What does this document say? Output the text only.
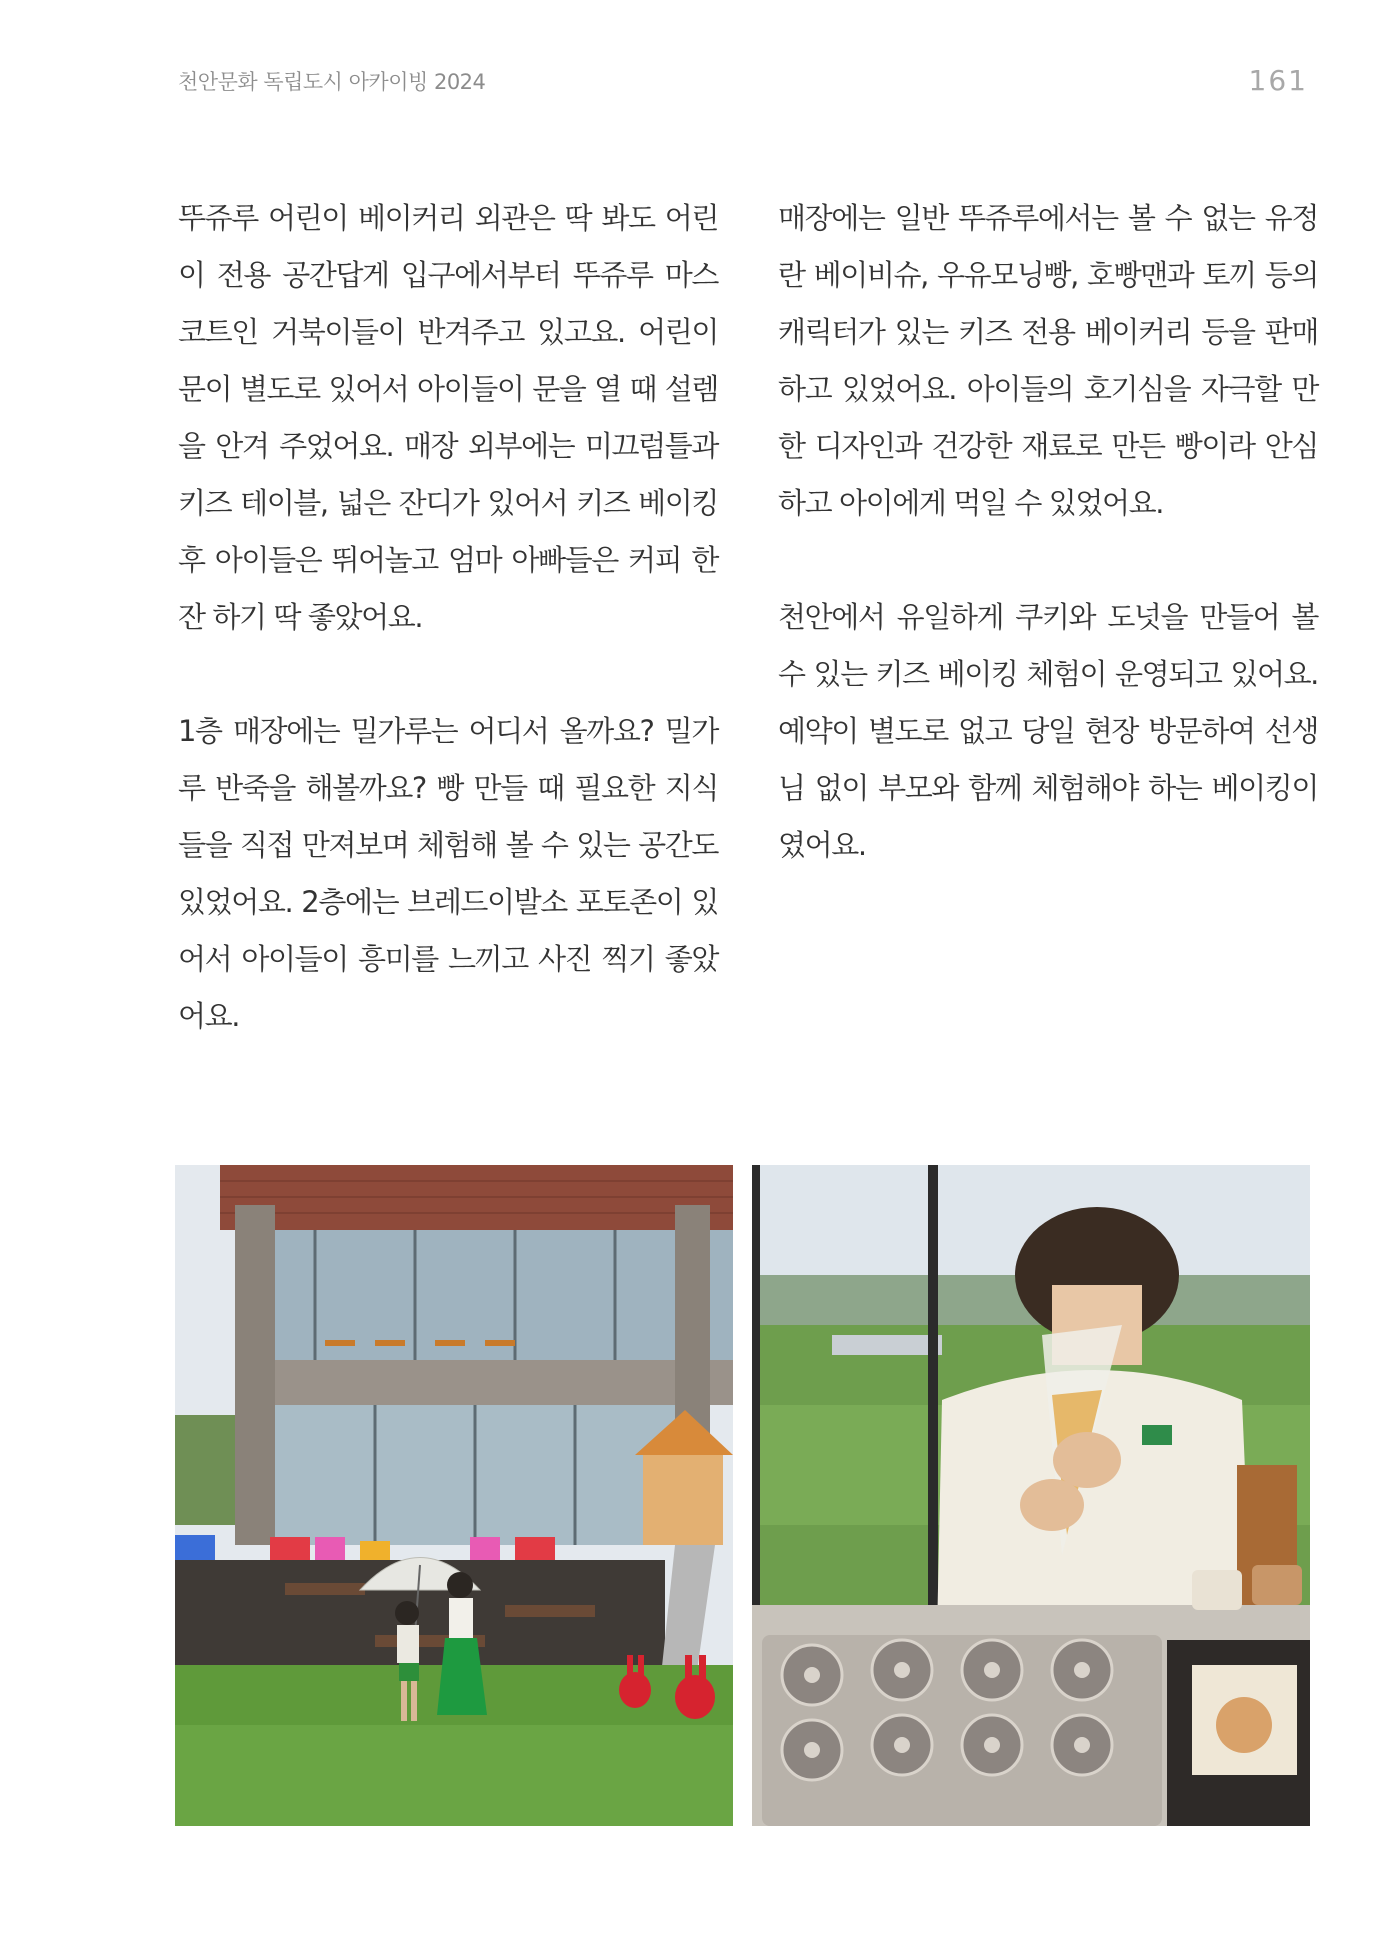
천안문화 독립도시 아카이빙 2024	161

뚜쥬루 어린이 베이커리 외관은 딱 봐도 어린이 전용 공간답게 입구에서부터 뚜쥬루 마스코트인 거북이들이 반겨주고 있고요. 어린이 문이 별도로 있어서 아이들이 문을 열 때 설렘을 안겨 주었어요. 매장 외부에는 미끄럼틀과 키즈 테이블, 넓은 잔디가 있어서 키즈 베이킹 후 아이들은 뛰어놀고 엄마 아빠들은 커피 한잔 하기 딱 좋았어요.

1층 매장에는 밀가루는 어디서 올까요? 밀가루 반죽을 해볼까요? 빵 만들 때 필요한 지식들을 직접 만져보며 체험해 볼 수 있는 공간도 있었어요. 2층에는 브레드이발소 포토존이 있어서 아이들이 흥미를 느끼고 사진 찍기 좋았어요.

매장에는 일반 뚜쥬루에서는 볼 수 없는 유정란 베이비슈, 우유모닝빵, 호빵맨과 토끼 등의 캐릭터가 있는 키즈 전용 베이커리 등을 판매하고 있었어요. 아이들의 호기심을 자극할 만한 디자인과 건강한 재료로 만든 빵이라 안심하고 아이에게 먹일 수 있었어요.

천안에서 유일하게 쿠키와 도넛을 만들어 볼 수 있는 키즈 베이킹 체험이 운영되고 있어요. 예약이 별도로 없고 당일 현장 방문하여 선생님 없이 부모와 함께 체험해야 하는 베이킹이였어요.
